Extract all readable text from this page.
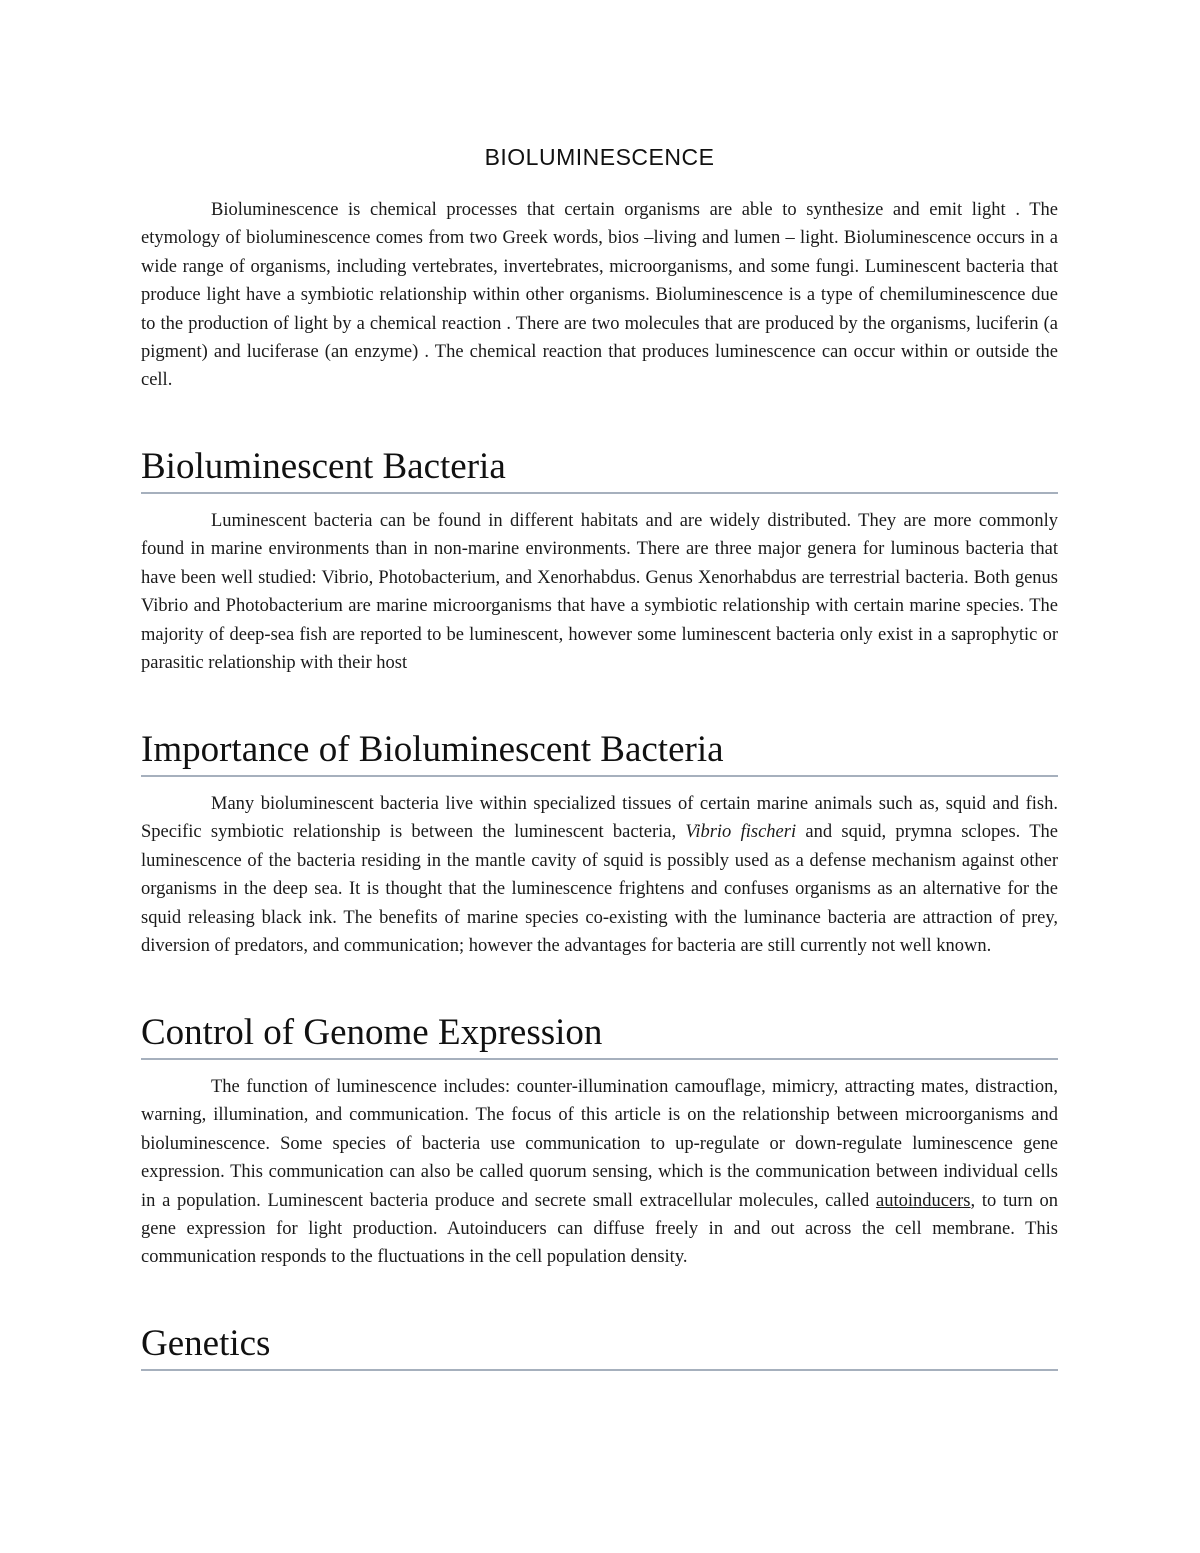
BIOLUMINESCENCE

Bioluminescence is chemical processes that certain organisms are able to synthesize and emit light . The etymology of bioluminescence comes from two Greek words, bios –living and lumen – light. Bioluminescence occurs in a wide range of organisms, including vertebrates, invertebrates, microorganisms, and some fungi. Luminescent bacteria that produce light have a symbiotic relationship within other organisms. Bioluminescence is a type of chemiluminescence due to the production of light by a chemical reaction . There are two molecules that are produced by the organisms, luciferin (a pigment) and luciferase (an enzyme) . The chemical reaction that produces luminescence can occur within or outside the cell.

Bioluminescent Bacteria

Luminescent bacteria can be found in different habitats and are widely distributed. They are more commonly found in marine environments than in non-marine environments. There are three major genera for luminous bacteria that have been well studied: Vibrio, Photobacterium, and Xenorhabdus. Genus Xenorhabdus are terrestrial bacteria. Both genus Vibrio and Photobacterium are marine microorganisms that have a symbiotic relationship with certain marine species. The majority of deep-sea fish are reported to be luminescent, however some luminescent bacteria only exist in a saprophytic or parasitic relationship with their host

Importance of Bioluminescent Bacteria

Many bioluminescent bacteria live within specialized tissues of certain marine animals such as, squid and fish. Specific symbiotic relationship is between the luminescent bacteria, Vibrio fischeri and squid, prymna sclopes. The luminescence of the bacteria residing in the mantle cavity of squid is possibly used as a defense mechanism against other organisms in the deep sea. It is thought that the luminescence frightens and confuses organisms as an alternative for the squid releasing black ink. The benefits of marine species co-existing with the luminance bacteria are attraction of prey, diversion of predators, and communication; however the advantages for bacteria are still currently not well known.

Control of Genome Expression

The function of luminescence includes: counter-illumination camouflage, mimicry, attracting mates, distraction, warning, illumination, and communication. The focus of this article is on the relationship between microorganisms and bioluminescence. Some species of bacteria use communication to up-regulate or down-regulate luminescence gene expression. This communication can also be called quorum sensing, which is the communication between individual cells in a population. Luminescent bacteria produce and secrete small extracellular molecules, called autoinducers, to turn on gene expression for light production. Autoinducers can diffuse freely in and out across the cell membrane. This communication responds to the fluctuations in the cell population density.

Genetics
